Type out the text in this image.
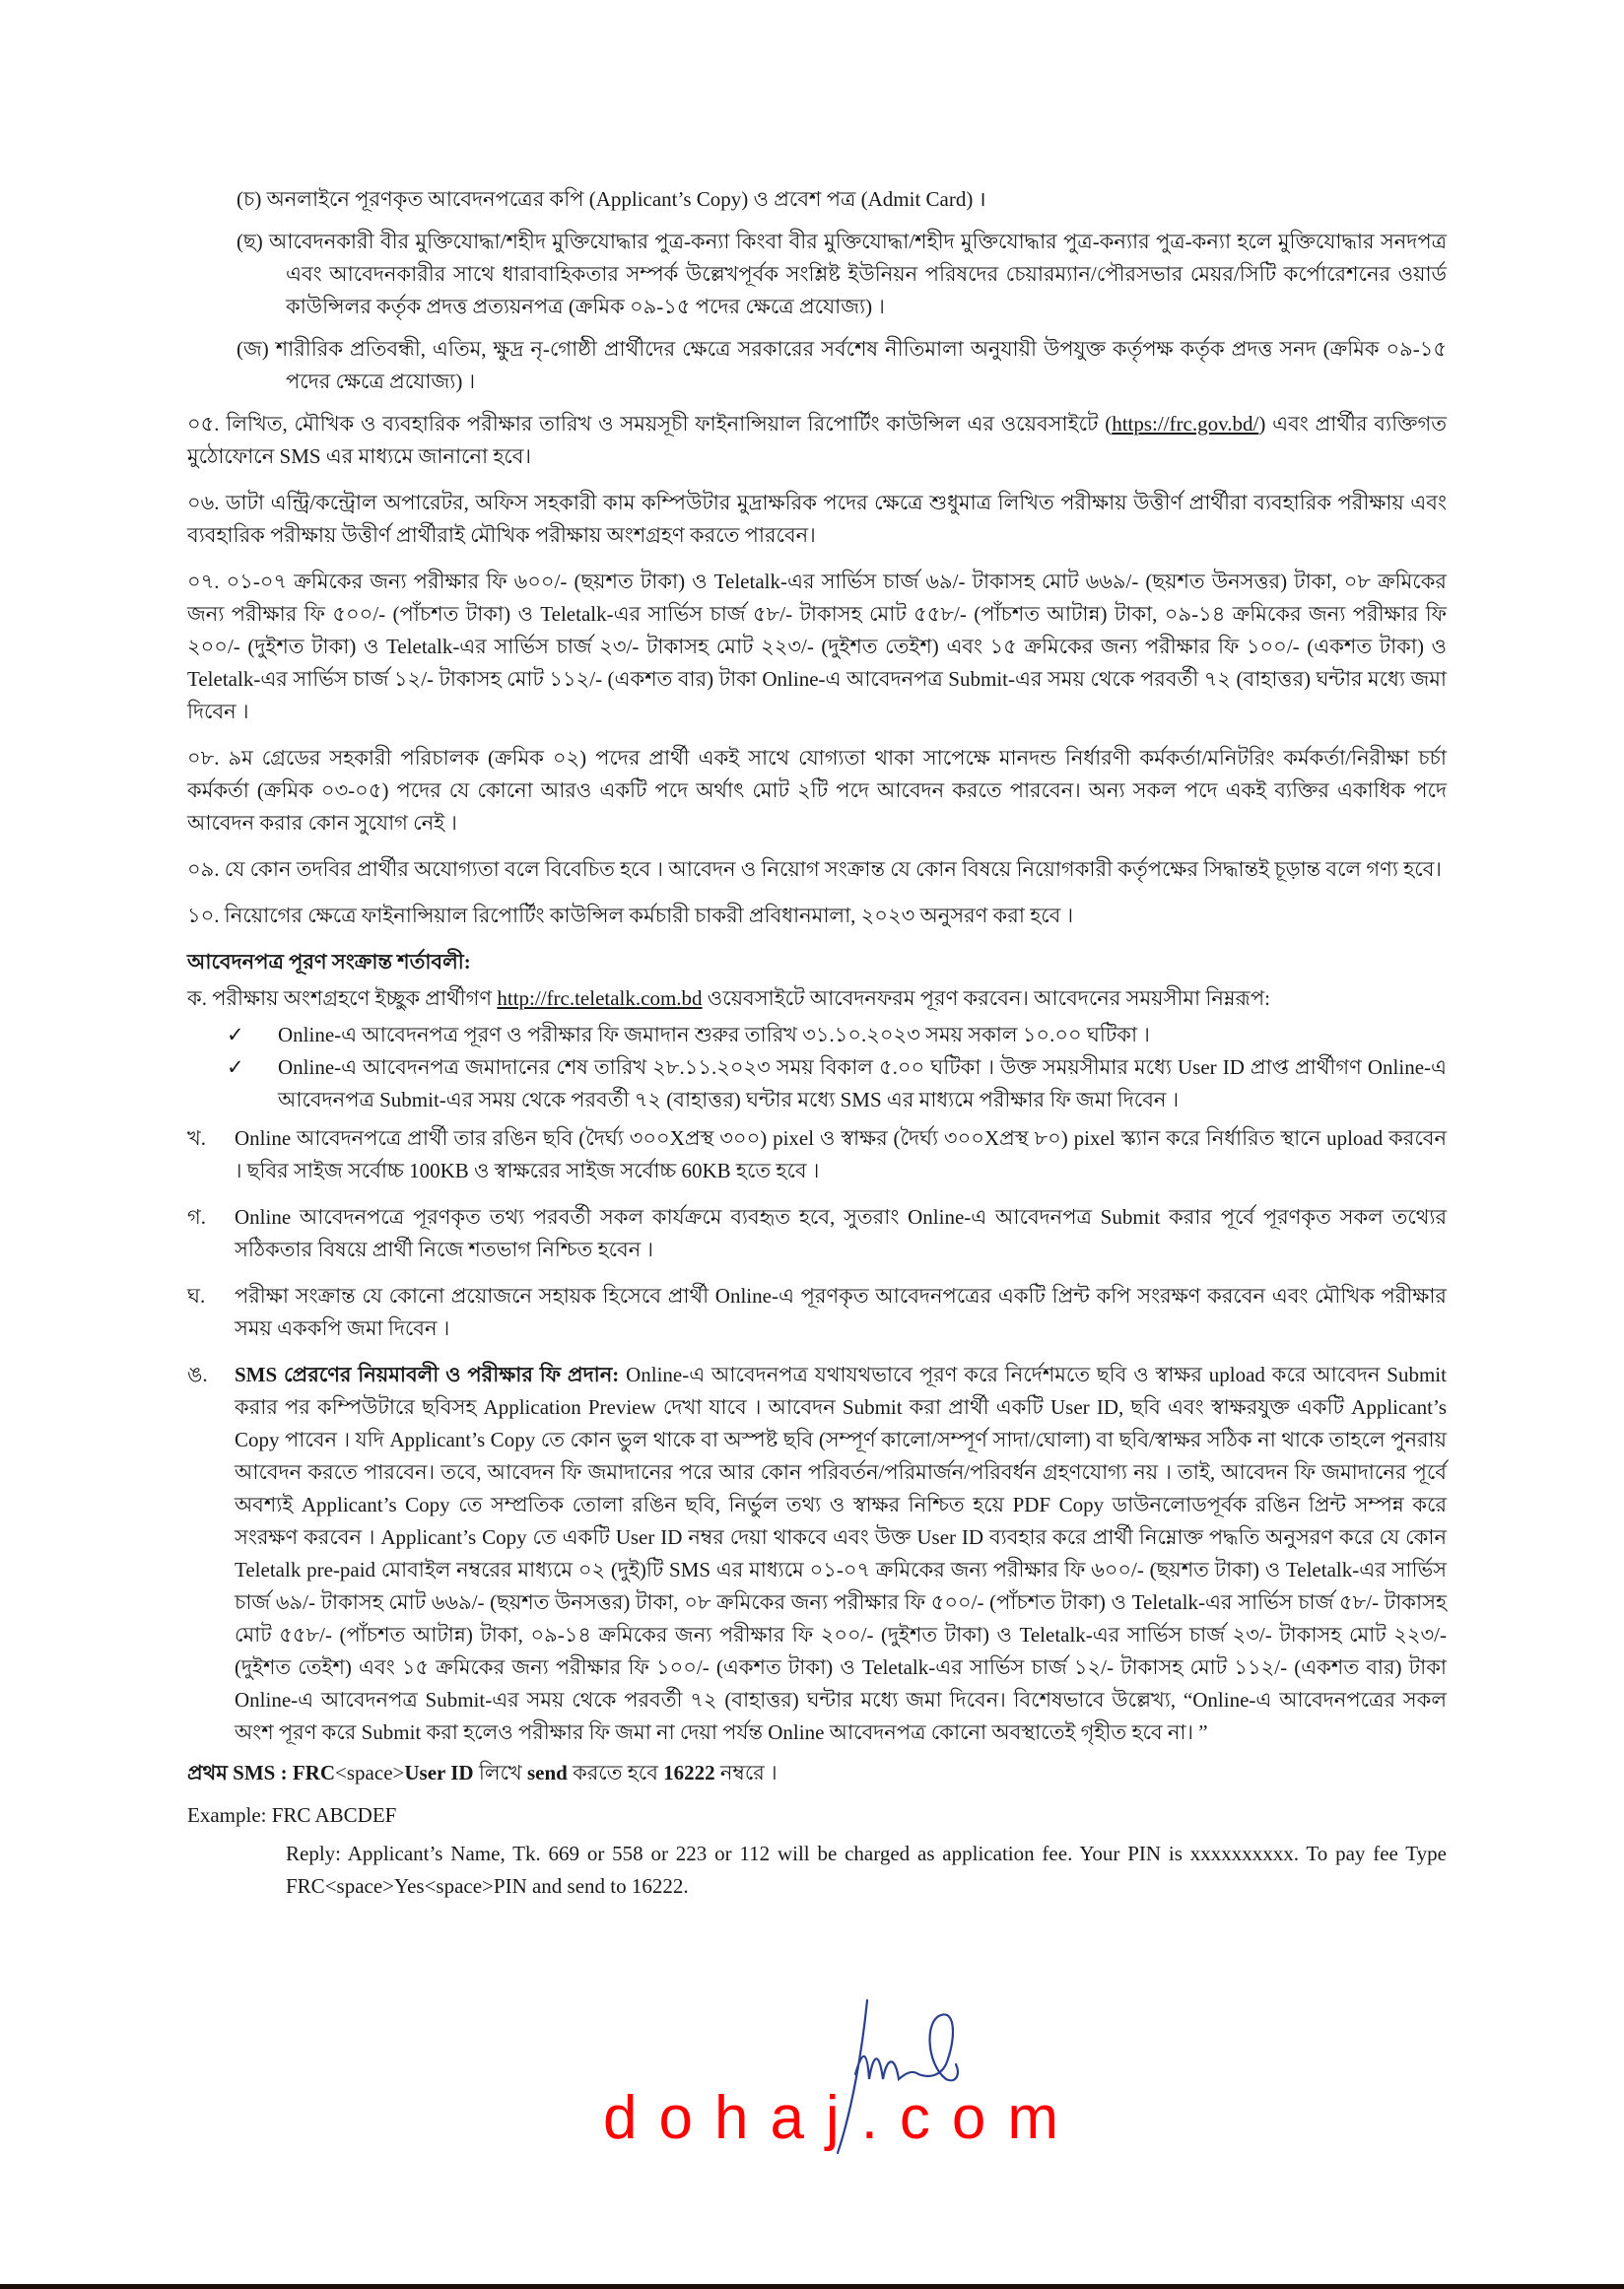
(চ) অনলাইনে পূরণকৃত আবেদনপত্রের কপি (Applicant’s Copy) ও প্রবেশ পত্র (Admit Card) ।

(ছ) আবেদনকারী বীর মুক্তিযোদ্ধা/শহীদ মুক্তিযোদ্ধার পুত্র-কন্যা কিংবা বীর মুক্তিযোদ্ধা/শহীদ মুক্তিযোদ্ধার পুত্র-কন্যার পুত্র-কন্যা হলে মুক্তিযোদ্ধার সনদপত্র এবং আবেদনকারীর সাথে ধারাবাহিকতার সম্পর্ক উল্লেখপূর্বক সংশ্লিষ্ট ইউনিয়ন পরিষদের চেয়ারম্যান/পৌরসভার মেয়র/সিটি কর্পোরেশনের ওয়ার্ড কাউন্সিলর কর্তৃক প্রদত্ত প্রত্যয়নপত্র (ক্রমিক ০৯-১৫ পদের ক্ষেত্রে প্রযোজ্য) ।

(জ) শারীরিক প্রতিবন্ধী, এতিম, ক্ষুদ্র নৃ-গোষ্ঠী প্রার্থীদের ক্ষেত্রে সরকারের সর্বশেষ নীতিমালা অনুযায়ী উপযুক্ত কর্তৃপক্ষ কর্তৃক প্রদত্ত সনদ (ক্রমিক ০৯-১৫ পদের ক্ষেত্রে প্রযোজ্য) ।

০৫. লিখিত, মৌখিক ও ব্যবহারিক পরীক্ষার তারিখ ও সময়সূচী ফাইনান্সিয়াল রিপোর্টিং কাউন্সিল এর ওয়েবসাইটে (https://frc.gov.bd/) এবং প্রার্থীর ব্যক্তিগত মুঠোফোনে SMS এর মাধ্যমে জানানো হবে।

০৬. ডাটা এন্ট্রি/কন্ট্রোল অপারেটর, অফিস সহকারী কাম কম্পিউটার মুদ্রাক্ষরিক পদের ক্ষেত্রে শুধুমাত্র লিখিত পরীক্ষায় উত্তীর্ণ প্রার্থীরা ব্যবহারিক পরীক্ষায় এবং ব্যবহারিক পরীক্ষায় উত্তীর্ণ প্রার্থীরাই মৌখিক পরীক্ষায় অংশগ্রহণ করতে পারবেন।

০৭. ০১-০৭ ক্রমিকের জন্য পরীক্ষার ফি ৬০০/- (ছয়শত টাকা) ও Teletalk-এর সার্ভিস চার্জ ৬৯/- টাকাসহ মোট ৬৬৯/- (ছয়শত উনসত্তর) টাকা, ০৮ ক্রমিকের জন্য পরীক্ষার ফি ৫০০/- (পাঁচশত টাকা) ও Teletalk-এর সার্ভিস চার্জ ৫৮/- টাকাসহ মোট ৫৫৮/- (পাঁচশত আটান্ন) টাকা, ০৯-১৪ ক্রমিকের জন্য পরীক্ষার ফি ২০০/- (দুইশত টাকা) ও Teletalk-এর সার্ভিস চার্জ ২৩/- টাকাসহ মোট ২২৩/- (দুইশত তেইশ) এবং ১৫ ক্রমিকের জন্য পরীক্ষার ফি ১০০/- (একশত টাকা) ও Teletalk-এর সার্ভিস চার্জ ১২/- টাকাসহ মোট ১১২/- (একশত বার) টাকা Online-এ আবেদনপত্র Submit-এর সময় থেকে পরবর্তী ৭২ (বাহাত্তর) ঘন্টার মধ্যে জমা দিবেন ।

০৮. ৯ম গ্রেডের সহকারী পরিচালক (ক্রমিক ০২) পদের প্রার্থী একই সাথে যোগ্যতা থাকা সাপেক্ষে মানদন্ড নির্ধারণী কর্মকর্তা/মনিটরিং কর্মকর্তা/নিরীক্ষা চর্চা কর্মকর্তা (ক্রমিক ০৩-০৫) পদের যে কোনো আরও একটি পদে অর্থাৎ মোট ২টি পদে আবেদন করতে পারবেন। অন্য সকল পদে একই ব্যক্তির একাধিক পদে আবেদন করার কোন সুযোগ নেই ।

০৯. যে কোন তদবির প্রার্থীর অযোগ্যতা বলে বিবেচিত হবে । আবেদন ও নিয়োগ সংক্রান্ত যে কোন বিষয়ে নিয়োগকারী কর্তৃপক্ষের সিদ্ধান্তই চূড়ান্ত বলে গণ্য হবে।

১০. নিয়োগের ক্ষেত্রে ফাইনান্সিয়াল রিপোর্টিং কাউন্সিল কর্মচারী চাকরী প্রবিধানমালা, ২০২৩ অনুসরণ করা হবে ।

আবেদনপত্র পূরণ সংক্রান্ত শর্তাবলী:

ক. পরীক্ষায় অংশগ্রহণে ইচ্ছুক প্রার্থীগণ http://frc.teletalk.com.bd ওয়েবসাইটে আবেদনফরম পূরণ করবেন। আবেদনের সময়সীমা নিম্নরূপ:

✓ Online-এ আবেদনপত্র পূরণ ও পরীক্ষার ফি জমাদান শুরুর তারিখ ৩১.১০.২০২৩ সময় সকাল ১০.০০ ঘটিকা ।
✓ Online-এ আবেদনপত্র জমাদানের শেষ তারিখ ২৮.১১.২০২৩ সময় বিকাল ৫.০০ ঘটিকা । উক্ত সময়সীমার মধ্যে User ID প্রাপ্ত প্রার্থীগণ Online-এ আবেদনপত্র Submit-এর সময় থেকে পরবর্তী ৭২ (বাহাত্তর) ঘন্টার মধ্যে SMS এর মাধ্যমে পরীক্ষার ফি জমা দিবেন ।
খ. Online আবেদনপত্রে প্রার্থী তার রঙিন ছবি (দৈর্ঘ্য ৩০০Xপ্রস্থ ৩০০) pixel ও স্বাক্ষর (দৈর্ঘ্য ৩০০Xপ্রস্থ ৮০) pixel স্ক্যান করে নির্ধারিত স্থানে upload করবেন । ছবির সাইজ সর্বোচ্চ 100KB ও স্বাক্ষরের সাইজ সর্বোচ্চ 60KB হতে হবে ।
গ. Online আবেদনপত্রে পূরণকৃত তথ্য পরবর্তী সকল কার্যক্রমে ব্যবহৃত হবে, সুতরাং Online-এ আবেদনপত্র Submit করার পূর্বে পূরণকৃত সকল তথ্যের সঠিকতার বিষয়ে প্রার্থী নিজে শতভাগ নিশ্চিত হবেন ।
ঘ. পরীক্ষা সংক্রান্ত যে কোনো প্রয়োজনে সহায়ক হিসেবে প্রার্থী Online-এ পূরণকৃত আবেদনপত্রের একটি প্রিন্ট কপি সংরক্ষণ করবেন এবং মৌখিক পরীক্ষার সময় এককপি জমা দিবেন ।
ঙ. SMS প্রেরণের নিয়মাবলী ও পরীক্ষার ফি প্রদান: Online-এ আবেদনপত্র যথাযথভাবে পূরণ করে নির্দেশমতে ছবি ও স্বাক্ষর upload করে আবেদন Submit করার পর কম্পিউটারে ছবিসহ Application Preview দেখা যাবে । আবেদন Submit করা প্রার্থী একটি User ID, ছবি এবং স্বাক্ষরযুক্ত একটি Applicant’s Copy পাবেন । যদি Applicant’s Copy তে কোন ভুল থাকে বা অস্পষ্ট ছবি (সম্পূর্ণ কালো/সম্পূর্ণ সাদা/ঘোলা) বা ছবি/স্বাক্ষর সঠিক না থাকে তাহলে পুনরায় আবেদন করতে পারবেন। তবে, আবেদন ফি জমাদানের পরে আর কোন পরিবর্তন/পরিমার্জন/পরিবর্ধন গ্রহণযোগ্য নয় । তাই, আবেদন ফি জমাদানের পূর্বে অবশ্যই Applicant’s Copy তে সম্প্রতিক তোলা রঙিন ছবি, নির্ভুল তথ্য ও স্বাক্ষর নিশ্চিত হয়ে PDF Copy ডাউনলোডপূর্বক রঙিন প্রিন্ট সম্পন্ন করে সংরক্ষণ করবেন । Applicant’s Copy তে একটি User ID নম্বর দেয়া থাকবে এবং উক্ত User ID ব্যবহার করে প্রার্থী নিম্নোক্ত পদ্ধতি অনুসরণ করে যে কোন Teletalk pre-paid মোবাইল নম্বরের মাধ্যমে ০২ (দুই)টি SMS এর মাধ্যমে ০১-০৭ ক্রমিকের জন্য পরীক্ষার ফি ৬০০/- (ছয়শত টাকা) ও Teletalk-এর সার্ভিস চার্জ ৬৯/- টাকাসহ মোট ৬৬৯/- (ছয়শত উনসত্তর) টাকা, ০৮ ক্রমিকের জন্য পরীক্ষার ফি ৫০০/- (পাঁচশত টাকা) ও Teletalk-এর সার্ভিস চার্জ ৫৮/- টাকাসহ মোট ৫৫৮/- (পাঁচশত আটান্ন) টাকা, ০৯-১৪ ক্রমিকের জন্য পরীক্ষার ফি ২০০/- (দুইশত টাকা) ও Teletalk-এর সার্ভিস চার্জ ২৩/- টাকাসহ মোট ২২৩/- (দুইশত তেইশ) এবং ১৫ ক্রমিকের জন্য পরীক্ষার ফি ১০০/- (একশত টাকা) ও Teletalk-এর সার্ভিস চার্জ ১২/- টাকাসহ মোট ১১২/- (একশত বার) টাকা Online-এ আবেদনপত্র Submit-এর সময় থেকে পরবর্তী ৭২ (বাহাত্তর) ঘন্টার মধ্যে জমা দিবেন। বিশেষভাবে উল্লেখ্য, “Online-এ আবেদনপত্রের সকল অংশ পূরণ করে Submit করা হলেও পরীক্ষার ফি জমা না দেয়া পর্যন্ত Online আবেদনপত্র কোনো অবস্থাতেই গৃহীত হবে না। ”
প্রথম SMS : FRC<space>User ID লিখে send করতে হবে 16222 নম্বরে ।
Example: FRC ABCDEF
Reply: Applicant’s Name, Tk. 669 or 558 or 223 or 112 will be charged as application fee. Your PIN is xxxxxxxxxx. To pay fee Type FRC<space>Yes<space>PIN and send to 16222.
dohaj.com
